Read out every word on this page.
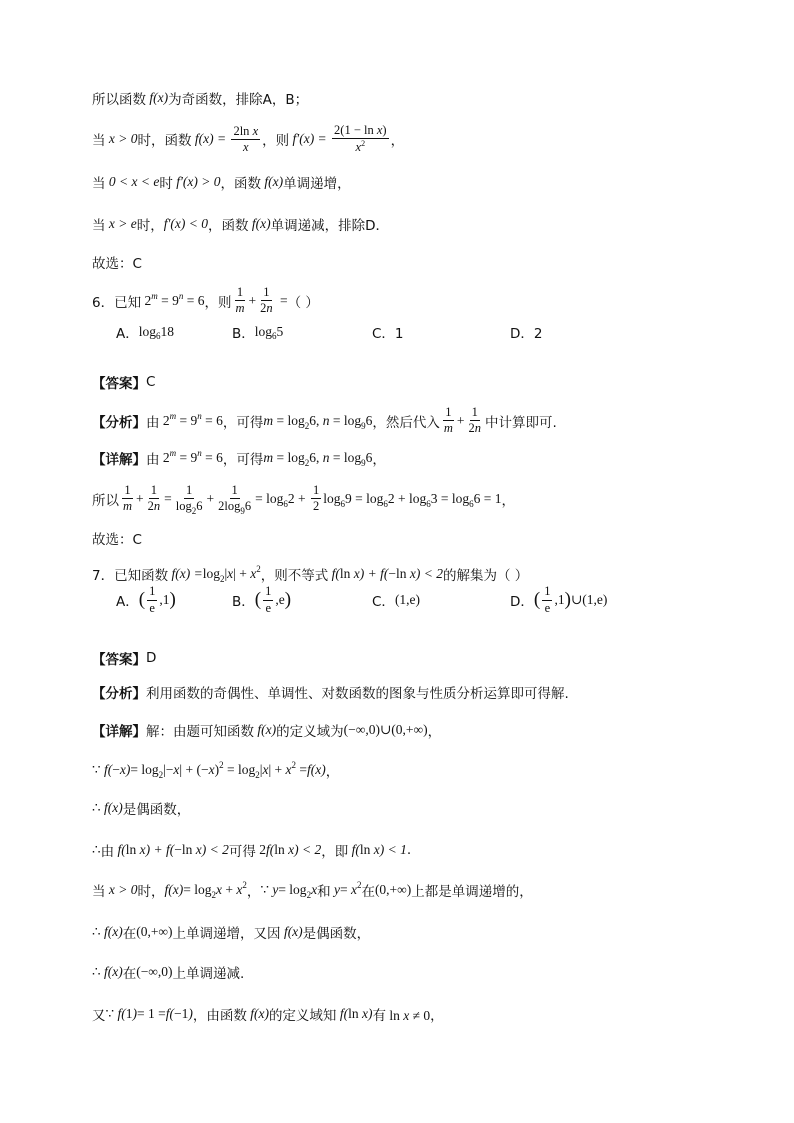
所以函数 f(x) 为奇函数，排除A，B；
当 x > 0 时，函数 $f(x) = \frac{\text{2ln x}}{x}$ ，则 $f'(x) = \frac{\text{2(1 − ln x)}}{x^2}$ ，
当 0 < x < e 时 f′(x) > 0 ，函数 f(x) 单调递增，
当 x > e 时， f′(x) < 0 ，函数 f(x) 单调递减，排除D．
故选：C
6．已知 $2^m = 9^n = 6$ ，则 $\frac{1}{m} + \frac{1}{2n}$ = （ ）
A． log 6 18	B． log 6 5	C．1	D．2
【答案】 C
【分析】 由 $2^m = 9^n = 6$ ，可得 $m = \log_26$, $n = \log_96$ ，然后代入 $\frac{1}{m} + \frac{1}{2n}$ 中计算即可.
【详解】 由 $2^m = 9^n = 6$ ，可得 $m = \log_26$, $n = \log_96$ ，
所以 $\frac{1}{m} + \frac{1}{2n} = \frac{1}{\log_26} + \frac{1}{2\log_96} = \log_62 + \frac{1}{2} \log_69 = \log_62 + \log_63 = \log_66 = 1$ ，
故选：C
7．已知函数 $f(x) = \log_2|x| + x^2$ ，则不等式 f( ln x ) + f( −ln x ) < 2 的解集为（ ）
A． ( $\frac{1}{e} ,1$ )	B． ( $\frac{1}{e} ,e$ )	C． (1,e)	D． ( $\frac{1}{e} ,1$ ) ∪(1,e)
【答案】 D
【分析】 利用函数的奇偶性、单调性、对数函数的图象与性质分析运算即可得解.
【详解】 解：由题可知函数 f(x) 的定义域为 (−∞,0)∪(0,+∞) ，
∵ f( −x ) = $\log_2|-x| + (-x)^2 = \log_2|x| + x^2 = f(x)$ ，
∴ f(x) 是偶函数，
∴ 由 f( ln x ) + f( −ln x ) < 2 可得 2 f( ln x ) < 2 ，即 f( ln x ) < 1 .
当 x > 0 时， $f(x) = \log_2x + x^2$ ， ∵ $y = \log_2x$ 和 $y = x^2$ 在 (0,+∞) 上都是单调递增的，
∴ f(x) 在 (0,+∞) 上单调递增，又因 f(x) 是偶函数，
∴ f(x) 在 (−∞,0) 上单调递减.
又 ∵ f( 1 ) = 1 = f( −1 ) ，由函数 f(x) 的定义域知 f( ln x ) 有 ln x ≠ 0，
